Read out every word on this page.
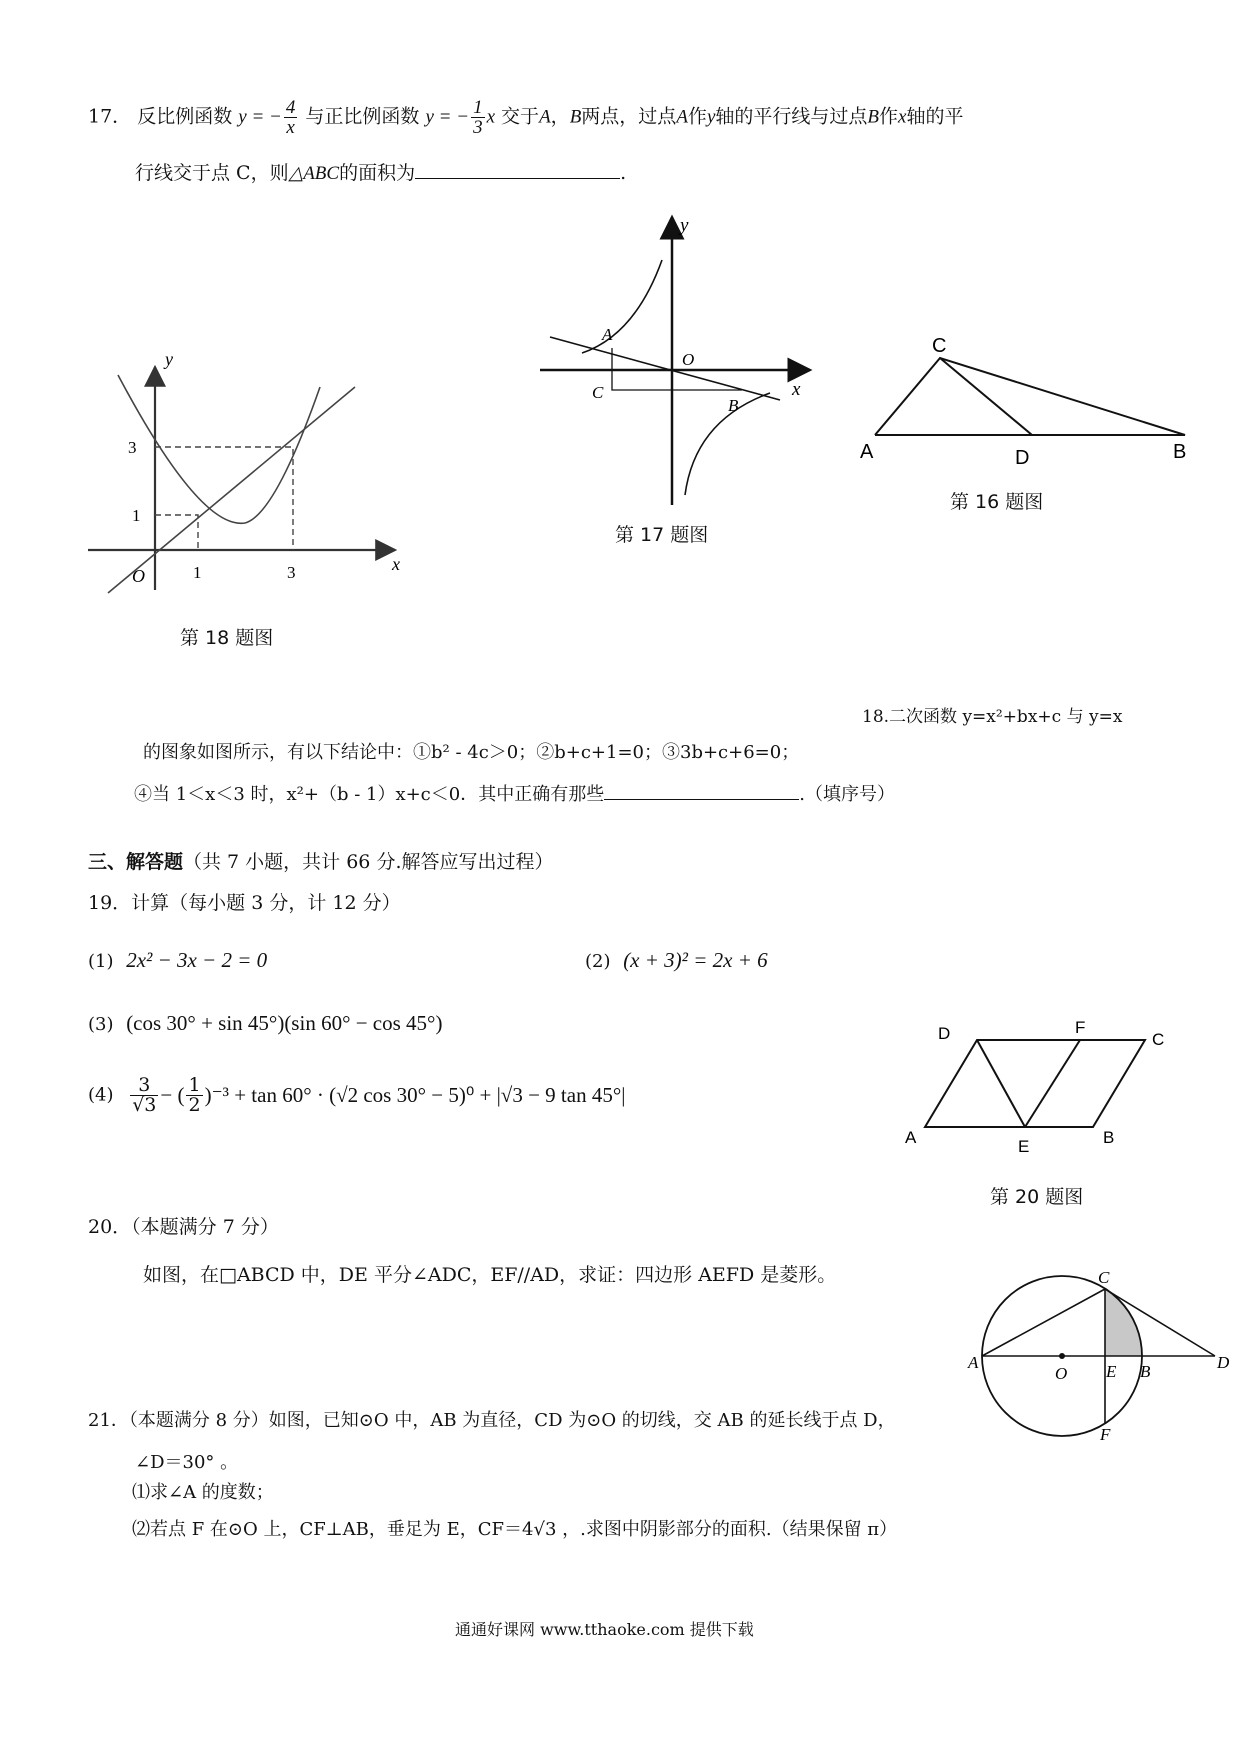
17． 反比例函数 y = − $\frac{4}{x}$ 与正比例函数 y = − $\frac{1}{3}$ x 交于A，B两点，过点A作y轴的平行线与过点B作x轴的平
行线交于点 C，则△ABC的面积为	.
y
x
O
A
B
C
第 17 题图
C
A	D	B
第 16 题图
y
x
O	1	3
1
3
第 18 题图
18.二次函数 y=x²+bx+c 与 y=x
的图象如图所示，有以下结论中：①b² - 4c＞0；②b+c+1=0；③3b+c+6=0；
④当 1＜x＜3 时，x²+（b - 1）x+c＜0．其中正确有那些	.（填序号）
三、解答题（共 7 小题，共计 66 分.解答应写出过程）
19．计算（每小题 3 分，计 12 分）
(1) 2x² − 3x − 2 = 0	(2) (x + 3)² = 2x + 6
(3) (cos 30° + sin 45°)(sin 60° − cos 45°)
$(4) \frac{3}{√3}$ − ( $\frac{1}{2} )^{-3} + \tan 60^\circ \cdot (√2$ cos 30° − 5)⁰ + |√3 − 9 tan 45°|
D	F
C
A	E	B
第 20 题图
20．（本题满分 7 分）
如图，在□ABCD 中，DE 平分∠ADC，EF//AD，求证：四边形 AEFD 是菱形。	C
A
O E B	D
F
21．（本题满分 8 分）如图，已知⊙O 中，AB 为直径，CD 为⊙O 的切线，交 AB 的延长线于点 D，
∠D＝30° 。
⑴求∠A 的度数；
⑵若点 F 在⊙O 上，CF⊥AB，垂足为 E，CF＝4√3 ，.求图中阴影部分的面积.（结果保留 π）
通通好课网 www.tthaoke.com 提供下载
